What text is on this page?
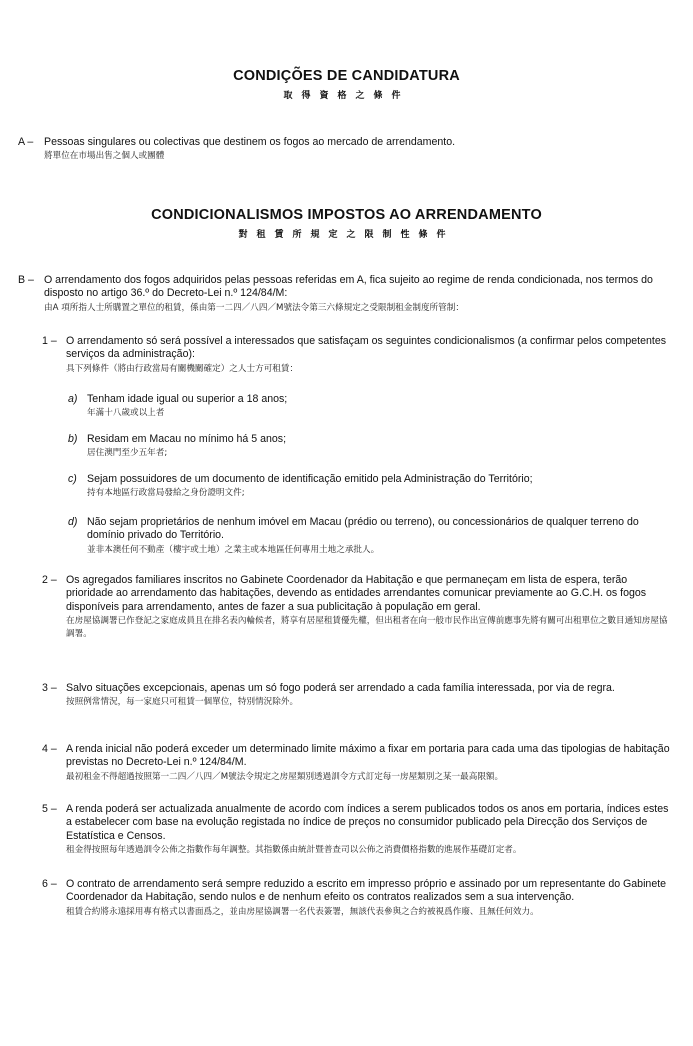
CONDIÇÕES DE CANDIDATURA
取得資格之條件
A – Pessoas singulares ou colectivas que destinem os fogos ao mercado de arrendamento.
將單位在市場出售之個人或團體
CONDICIONALISMOS IMPOSTOS AO ARRENDAMENTO
對租賃所規定之限制性條件
B – O arrendamento dos fogos adquiridos pelas pessoas referidas em A, fica sujeito ao regime de renda condicionada, nos termos do disposto no artigo 36.º do Decreto-Lei n.º 124/84/M:
由A 項所指人士所購置之單位的租賃，係由第一二四／八四／M號法令第三六條規定之受限制租金制度所管制：
1 – O arrendamento só será possível a interessados que satisfaçam os seguintes condicionalismos (a confirmar pelos competentes serviços da administração):
具下列條件（將由行政當局有關機關確定）之人士方可租賃：
a) Tenham idade igual ou superior a 18 anos;
年滿十八歲或以上者
b) Residam em Macau no mínimo há 5 anos;
居住澳門至少五年者;
c) Sejam possuidores de um documento de identificação emitido pela Administração do Território;
持有本地區行政當局發給之身份證明文件;
d) Não sejam proprietários de nenhum imóvel em Macau (prédio ou terreno), ou concessionários de qualquer terreno do domínio privado do Território.
並非本澳任何不動產（樓宇或土地）之業主或本地區任何專用土地之承批人。
2 – Os agregados familiares inscritos no Gabinete Coordenador da Habitação e que permaneçam em lista de espera, terão prioridade ao arrendamento das habitações, devendo as entidades arrendantes comunicar previamente ao G.C.H. os fogos disponíveis para arrendamento, antes de fazer a sua publicitação à população em geral.
在房屋協調署已作登記之家庭成員且在排名表內輪候者，將享有居屋租賃優先權，但出租者在向一般市民作出宣傳前應事先將有關可出租單位之數目通知房屋協調署。
3 – Salvo situações excepcionais, apenas um só fogo poderá ser arrendado a cada família interessada, por via de regra.
按照例常情況，每一家庭只可租賃一個單位，特別情況除外。
4 – A renda inicial não poderá exceder um determinado limite máximo a fixar em portaria para cada uma das tipologias de habitação previstas no Decreto-Lei n.º 124/84/M.
最初租金不得超過按照第一二四／八四／M號法令規定之房屋類別透過訓令方式訂定每一房屋類別之某一最高限額。
5 – A renda poderá ser actualizada anualmente de acordo com índices a serem publicados todos os anos em portaria, índices estes a estabelecer com base na evolução registada no índice de preços no consumidor publicado pela Direcção dos Serviços de Estatística e Censos.
租金得按照每年透過訓令公佈之指數作每年調整。其指數係由統計暨普查司以公佈之消費價格指數的進展作基礎訂定者。
6 – O contrato de arrendamento será sempre reduzido a escrito em impresso próprio e assinado por um representante do Gabinete Coordenador da Habitação, sendo nulos e de nenhum efeito os contratos realizados sem a sua intervenção.
租賃合約將永遠採用專有格式以書面爲之，並由房屋協調署一名代表簽署，無該代表參與之合約被視爲作廢、且無任何效力。
